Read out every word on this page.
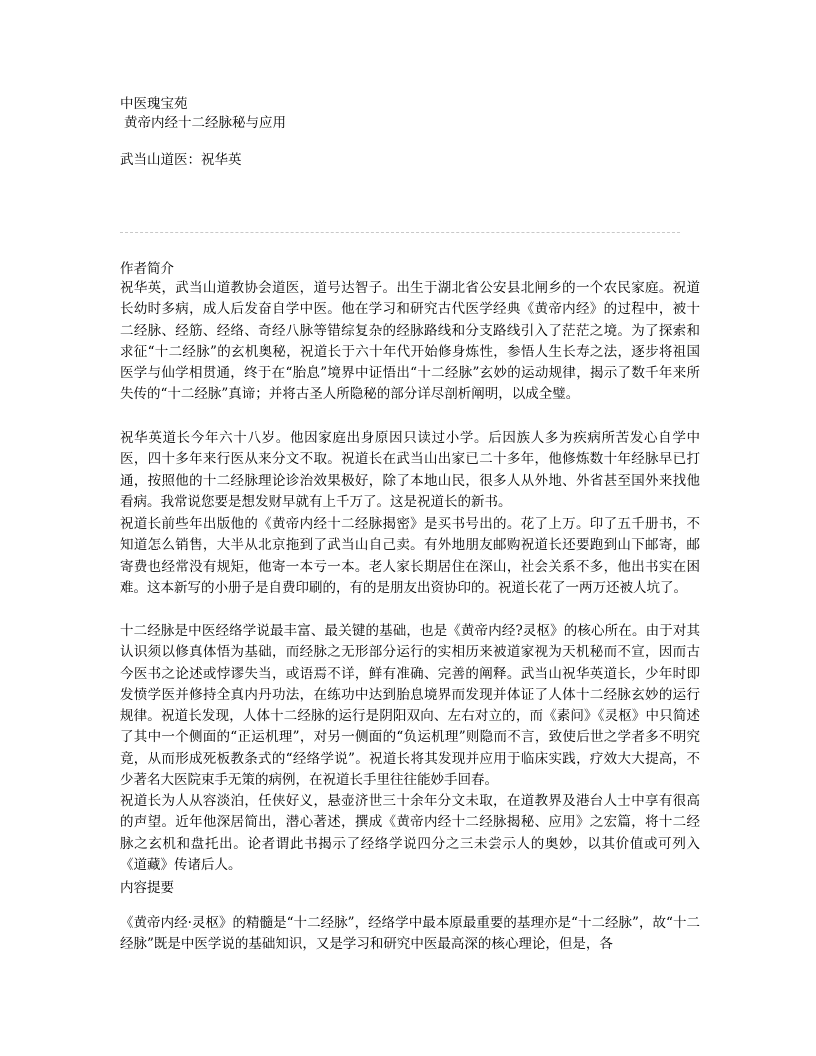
中医瑰宝苑
黄帝内经十二经脉秘与应用
武当山道医：祝华英
作者简介
祝华英，武当山道教协会道医，道号达智子。出生于湖北省公安县北闸乡的一个农民家庭。祝道长幼时多病，成人后发奋自学中医。他在学习和研究古代医学经典《黄帝内经》的过程中，被十二经脉、经筋、经络、奇经八脉等错综复杂的经脉路线和分支路线引入了茫茫之境。为了探索和求征“十二经脉”的玄机奥秘，祝道长于六十年代开始修身炼性，参悟人生长寿之法，逐步将祖国医学与仙学相贯通，终于在“胎息”境界中证悟出“十二经脉”玄妙的运动规律，揭示了数千年来所失传的“十二经脉”真谛；并将古圣人所隐秘的部分详尽剖析阐明，以成全璧。
祝华英道长今年六十八岁。他因家庭出身原因只读过小学。后因族人多为疾病所苦发心自学中医，四十多年来行医从来分文不取。祝道长在武当山出家已二十多年，他修炼数十年经脉早已打通，按照他的十二经脉理论诊治效果极好，除了本地山民，很多人从外地、外省甚至国外来找他看病。我常说您要是想发财早就有上千万了。这是祝道长的新书。
祝道长前些年出版他的《黄帝内经十二经脉揭密》是买书号出的。花了上万。印了五千册书，不知道怎么销售，大半从北京拖到了武当山自己卖。有外地朋友邮购祝道长还要跑到山下邮寄，邮寄费也经常没有规矩，他寄一本亏一本。老人家长期居住在深山，社会关系不多，他出书实在困难。这本新写的小册子是自费印刷的，有的是朋友出资协印的。祝道长花了一两万还被人坑了。
十二经脉是中医经络学说最丰富、最关键的基础，也是《黄帝内经?灵枢》的核心所在。由于对其认识须以修真体悟为基础，而经脉之无形部分运行的实相历来被道家视为天机秘而不宣，因而古今医书之论述或悖谬失当，或语焉不详，鲜有准确、完善的阐释。武当山祝华英道长，少年时即发愤学医并修持全真内丹功法，在练功中达到胎息境界而发现并体证了人体十二经脉玄妙的运行规律。祝道长发现，人体十二经脉的运行是阴阳双向、左右对立的，而《素问》《灵枢》中只简述了其中一个侧面的“正运机理”，对另一侧面的“负运机理”则隐而不言，致使后世之学者多不明究竟，从而形成死板教条式的“经络学说”。祝道长将其发现并应用于临床实践，疗效大大提高，不少著名大医院束手无策的病例，在祝道长手里往往能妙手回春。
祝道长为人从容淡泊，任侠好义，悬壶济世三十余年分文未取，在道教界及港台人士中享有很高的声望。近年他深居简出，潜心著述，撰成《黄帝内经十二经脉揭秘、应用》之宏篇，将十二经脉之玄机和盘托出。论者谓此书揭示了经络学说四分之三未尝示人的奥妙，以其价值或可列入《道藏》传诸后人。
内容提要
《黄帝内经·灵枢》的精髓是“十二经脉”，经络学中最本原最重要的基理亦是“十二经脉”，故“十二经脉”既是中医学说的基础知识，又是学习和研究中医最高深的核心理论，但是，各
